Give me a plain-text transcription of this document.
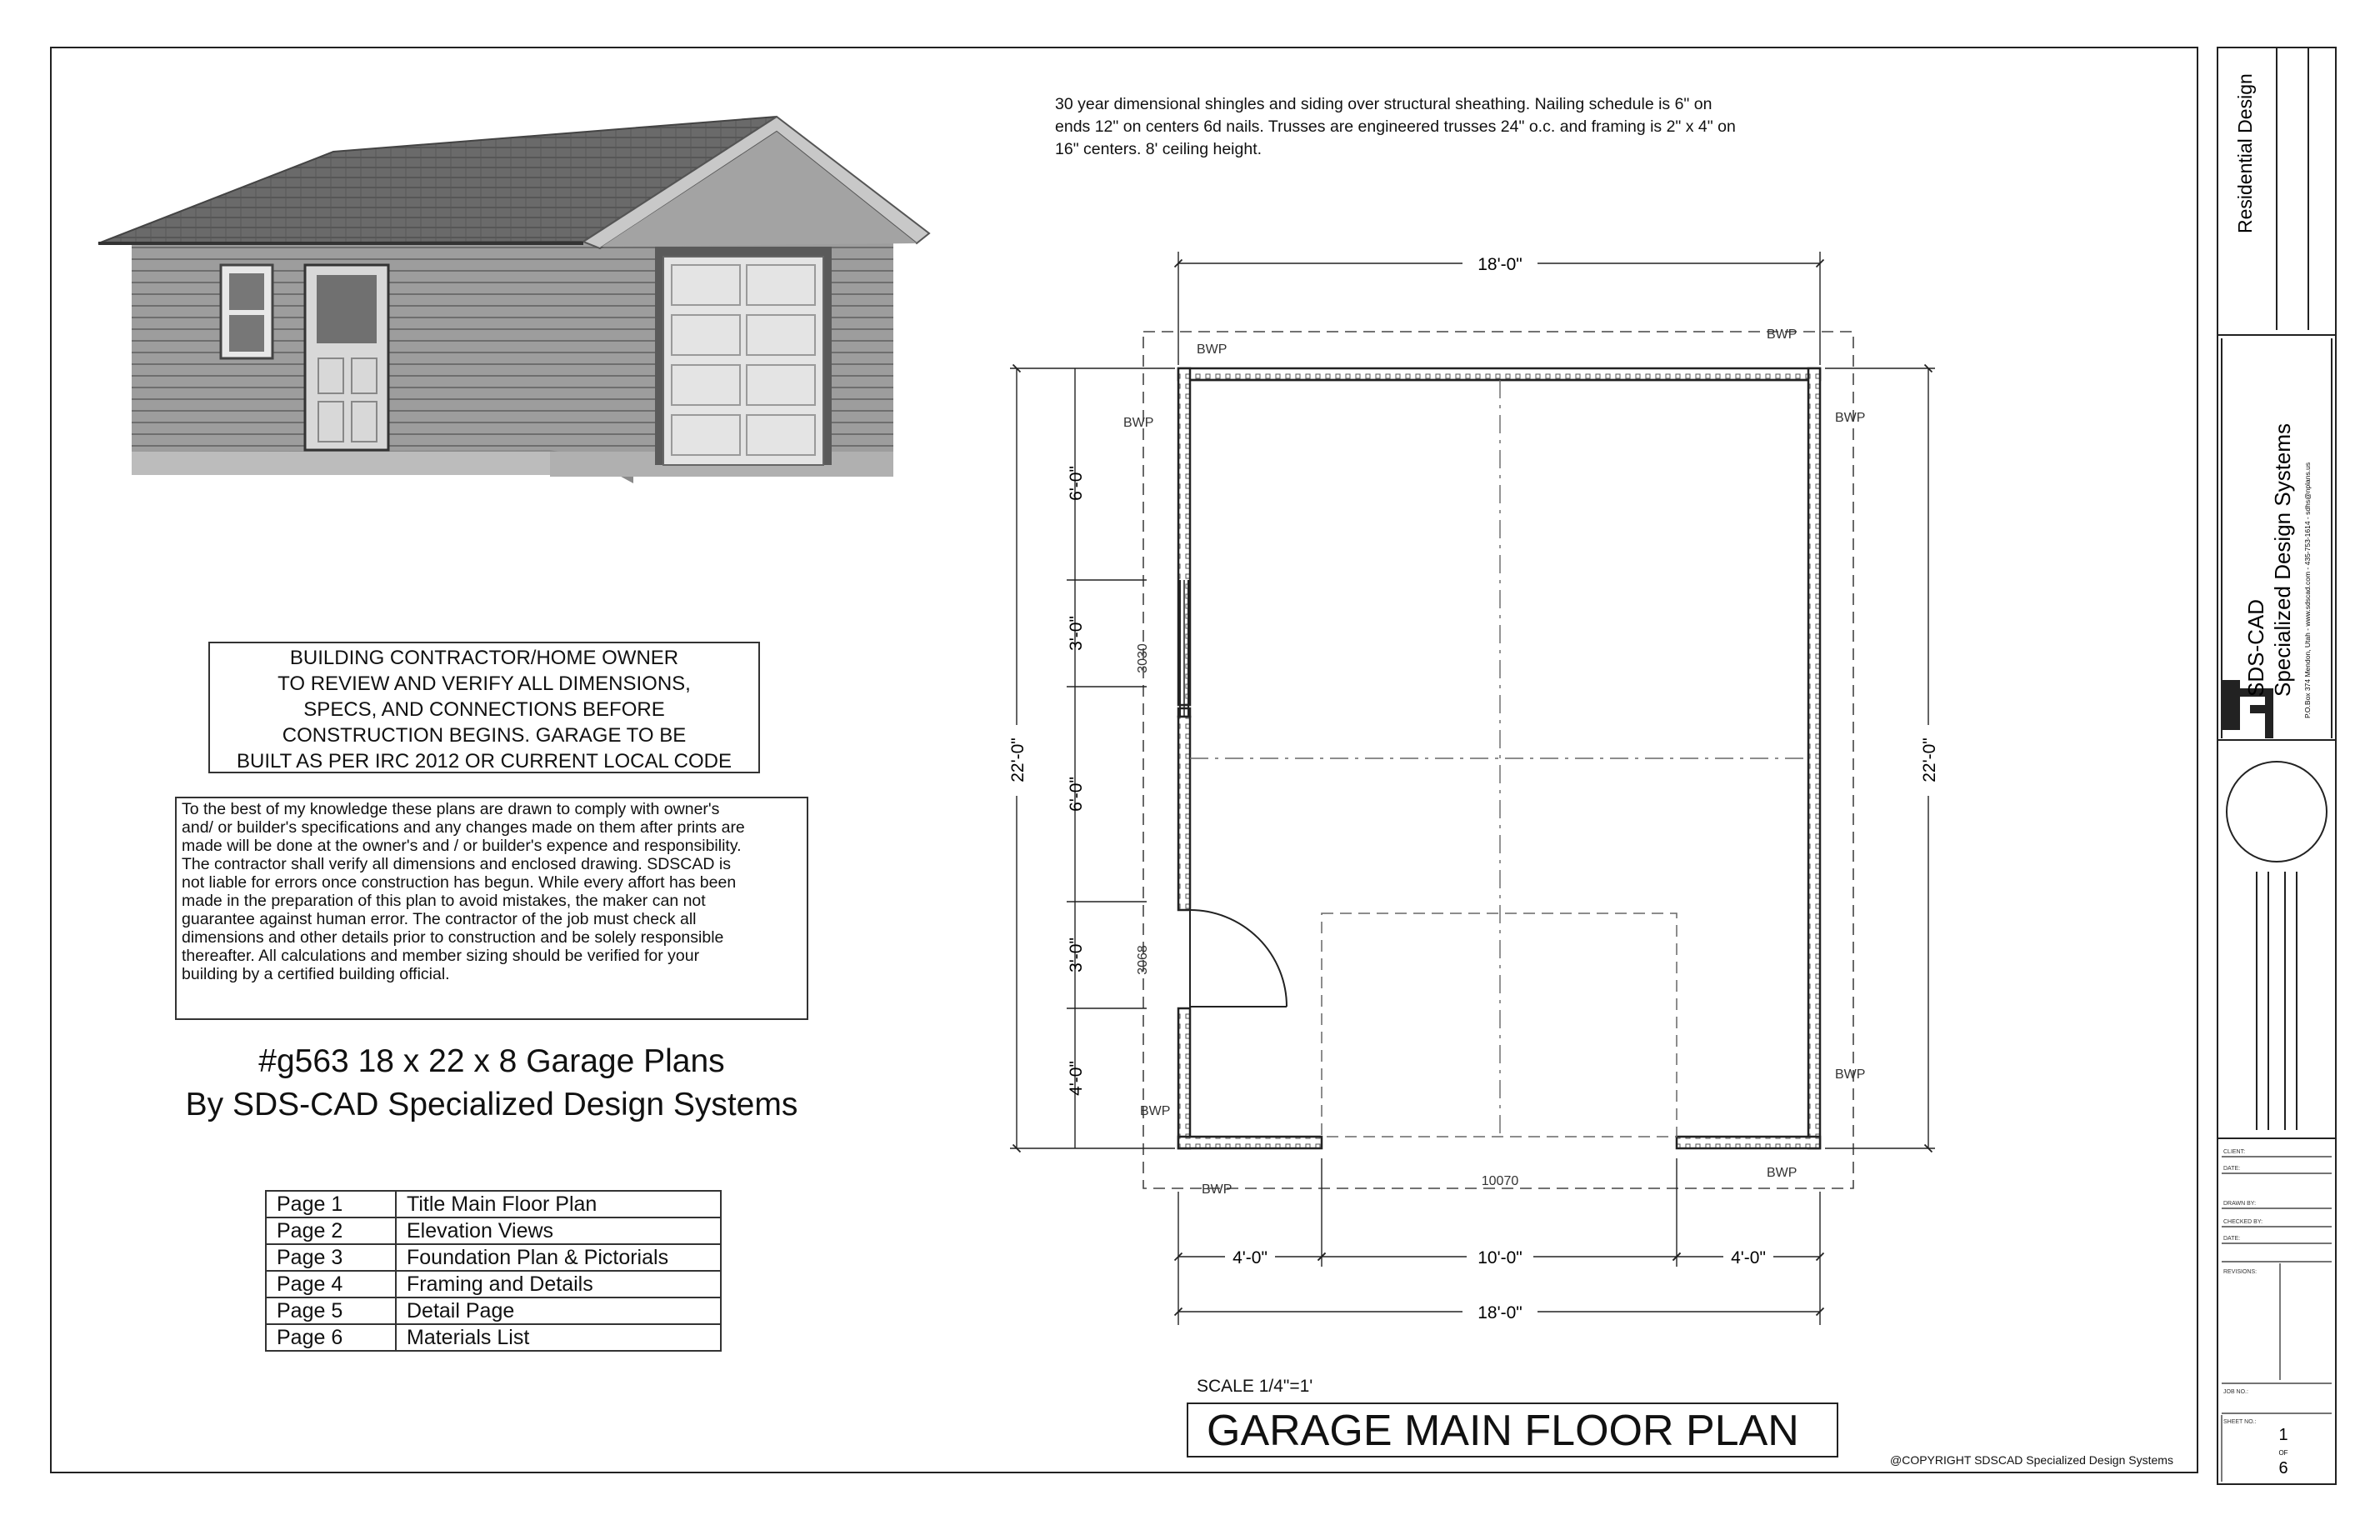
BUILDING CONTRACTOR/HOME OWNER
TO REVIEW AND VERIFY ALL DIMENSIONS,
SPECS, AND CONNECTIONS BEFORE
CONSTRUCTION BEGINS. GARAGE TO BE
BUILT AS PER IRC 2012 OR CURRENT LOCAL CODE
To the best of my knowledge these plans are drawn to comply with owner's
and/ or builder's specifications and any changes made on them after prints are
made will be done at the owner's and / or builder's expence and responsibility.
The contractor shall verify all dimensions and enclosed drawing. SDSCAD is
not liable for errors once construction has begun. While every affort has been
made in the preparation of this plan to avoid mistakes, the maker can not
guarantee against human error. The contractor of the job must check all
dimensions and other details prior to construction and be solely responsible
thereafter. All calculations and member sizing should be verified for your
building by a certified building official.
#g563 18 x 22 x 8 Garage Plans
By SDS-CAD Specialized Design Systems
Page 1	Title Main Floor Plan
Page 2	Elevation Views
Page 3	Foundation Plan & Pictorials
Page 4	Framing and Details
Page 5	Detail Page
Page 6	Materials List
30 year dimensional shingles and siding over structural sheathing. Nailing schedule is 6" on
ends 12" on centers 6d nails. Trusses are engineered trusses 24" o.c. and framing is 2" x 4" on
16" centers. 8' ceiling height.
18'-0"
22'-0"
6'-0"
3'-0"
6'-0"
3'-0"
4'-0"
22'-0"
4'-0"	10'-0"	4'-0"
18'-0"
3030
3068
10070
BWP
BWP
BWP	BWP
BWP
BWP
BWP
BWP
SCALE 1/4"=1'
GARAGE MAIN FLOOR PLAN
@COPYRIGHT SDSCAD Specialized Design Systems
CLIENT:
DATE:
DRAWN BY:
CHECKED BY:
DATE:
REVISIONS:
JOB NO.:
SHEET NO.:
1
OF
6
Residential Design
SDS-CAD Specialized Design Systems P.O.Box 374 Mendon, Utah - www.sdscad.com - 435-753-1614 - sdhs@nplans.us
